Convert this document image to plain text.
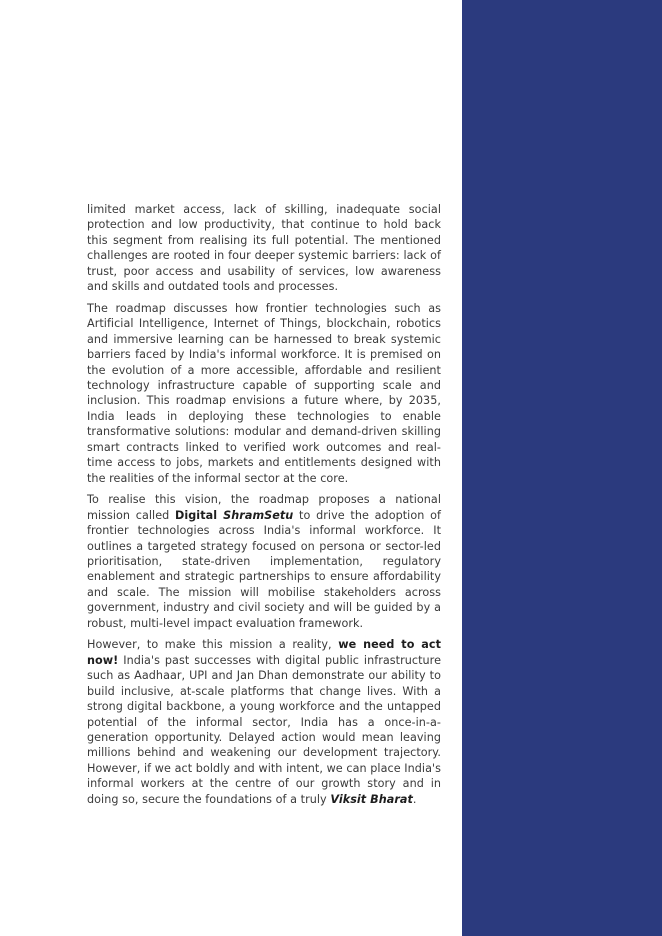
limited market access, lack of skilling, inadequate social protection and low productivity, that continue to hold back this segment from realising its full potential. The mentioned challenges are rooted in four deeper systemic barriers: lack of trust, poor access and usability of services, low awareness and skills and outdated tools and processes.

The roadmap discusses how frontier technologies such as Artificial Intelligence, Internet of Things, blockchain, robotics and immersive learning can be harnessed to break systemic barriers faced by India's informal workforce. It is premised on the evolution of a more accessible, affordable and resilient technology infrastructure capable of supporting scale and inclusion. This roadmap envisions a future where, by 2035, India leads in deploying these technologies to enable transformative solutions: modular and demand-driven skilling smart contracts linked to verified work outcomes and real-time access to jobs, markets and entitlements designed with the realities of the informal sector at the core.

To realise this vision, the roadmap proposes a national mission called Digital ShramSetu to drive the adoption of frontier technologies across India's informal workforce. It outlines a targeted strategy focused on persona or sector-led prioritisation, state-driven implementation, regulatory enablement and strategic partnerships to ensure affordability and scale. The mission will mobilise stakeholders across government, industry and civil society and will be guided by a robust, multi-level impact evaluation framework.

However, to make this mission a reality, we need to act now! India's past successes with digital public infrastructure such as Aadhaar, UPI and Jan Dhan demonstrate our ability to build inclusive, at-scale platforms that change lives. With a strong digital backbone, a young workforce and the untapped potential of the informal sector, India has a once-in-a-generation opportunity. Delayed action would mean leaving millions behind and weakening our development trajectory. However, if we act boldly and with intent, we can place India's informal workers at the centre of our growth story and in doing so, secure the foundations of a truly Viksit Bharat.
